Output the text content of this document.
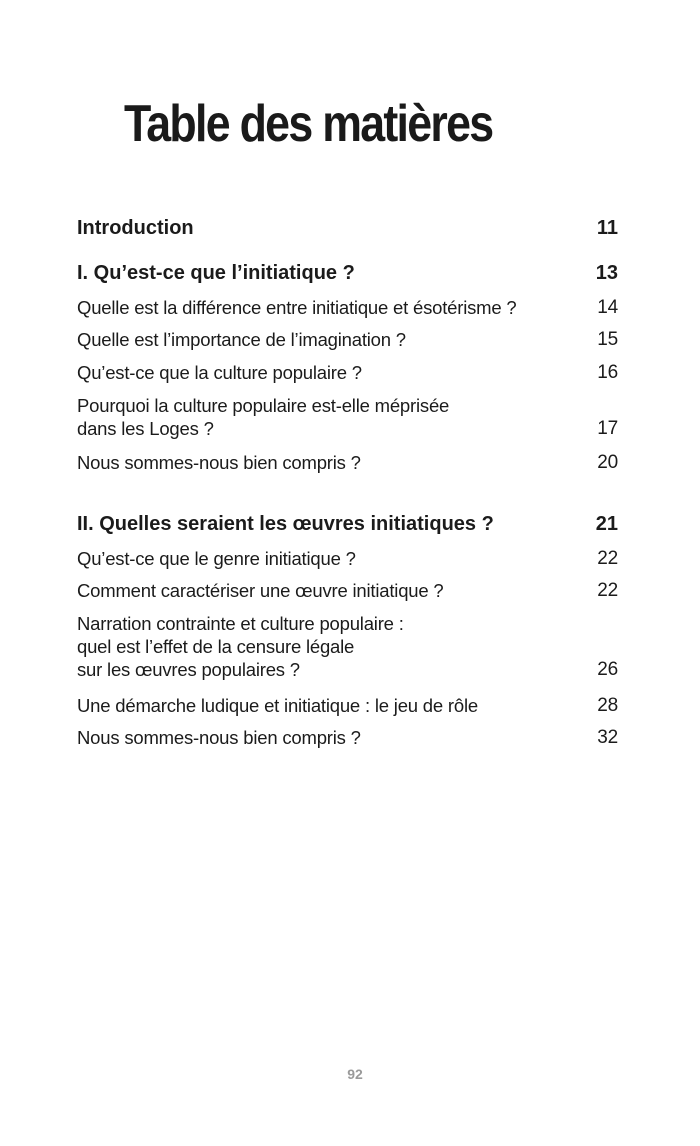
Table des matières
Introduction	11
I. Qu’est-ce que l’initiatique ?	13
Quelle est la différence entre initiatique et ésotérisme ?	14
Quelle est l’importance de l’imagination ?	15
Qu’est-ce que la culture populaire ?	16
Pourquoi la culture populaire est-elle méprisée
dans les Loges ?	17
Nous sommes-nous bien compris ?	20
II. Quelles seraient les œuvres initiatiques ?	21
Qu’est-ce que le genre initiatique ?	22
Comment caractériser une œuvre initiatique ?	22
Narration contrainte et culture populaire :
quel est l’effet de la censure légale
sur les œuvres populaires ?	26
Une démarche ludique et initiatique : le jeu de rôle	28
Nous sommes-nous bien compris ?	32
92
